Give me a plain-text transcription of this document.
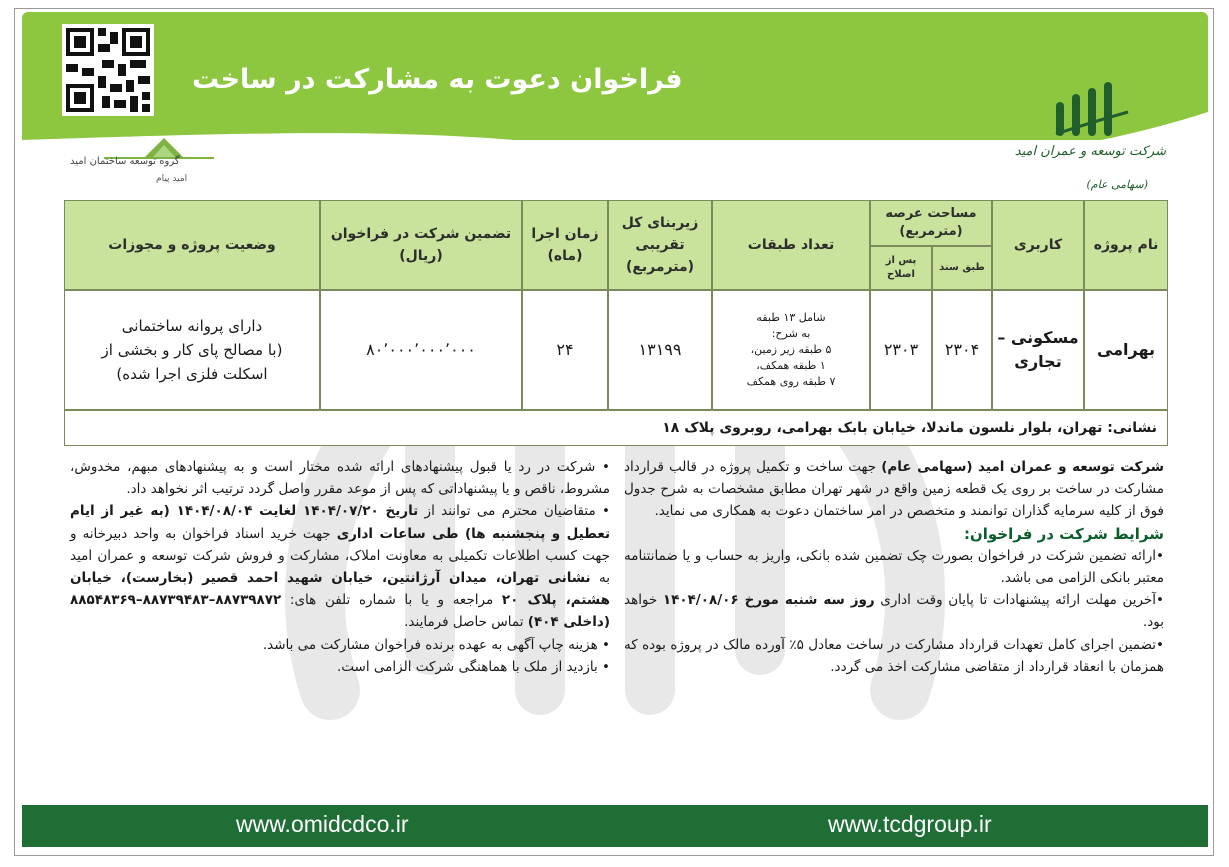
فراخوان دعوت به مشارکت در ساخت
گروه توسعه ساختمان امید
امید پیام
شرکت توسعه و عمران امید
(سهامی عام)
نام پروژه
کاربری
مساحت عرصه (مترمربع)
طبق سند
پس از اصلاح
تعداد طبقات
زیربنای کل تقریبی (مترمربع)
زمان اجرا (ماه)
تضمین شرکت در فراخوان (ریال)
وضعیت پروژه و مجوزات
بهرامی
مسکونی – تجاری
۲۳۰۴
۲۳۰۳
شامل ۱۳ طبقه
به شرح:
۵ طبقه زیر زمین،
۱ طبقه همکف،
۷ طبقه روی همکف
۱۳۱۹۹
۲۴
۸۰٬۰۰۰٬۰۰۰٬۰۰۰
دارای پروانه ساختمانی
(با مصالح پای کار و بخشی از
اسکلت فلزی اجرا شده)
نشانی: تهران، بلوار نلسون ماندلا، خیابان بابک بهرامی، روبروی پلاک ۱۸

شرکت توسعه و عمران امید (سهامی عام) جهت ساخت و تکمیل پروژه در قالب قرارداد مشارکت در ساخت بر روی یک قطعه زمین واقع در شهر تهران مطابق مشخصات به شرح جدول فوق از کلیه سرمایه گذاران توانمند و متخصص در امر ساختمان دعوت به همکاری می نماید.

شرایط شرکت در فراخوان:

•ارائه تضمین شرکت در فراخوان بصورت چک تضمین شده بانکی، واریز به حساب و یا ضمانتنامه معتبر بانکی الزامی می باشد.

•آخرین مهلت ارائه پیشنهادات تا پایان وقت اداری روز سه شنبه مورخ ۱۴۰۴/۰۸/۰۶ خواهد بود.

•تضمین اجرای کامل تعهدات قرارداد مشارکت در ساخت معادل ۵٪ آورده مالک در پروژه بوده که همزمان با انعقاد قرارداد از متقاضی مشارکت اخذ می گردد.

• شرکت در رد یا قبول پیشنهادهای ارائه شده مختار است و به پیشنهادهای مبهم، مخدوش، مشروط، ناقص و یا پیشنهاداتی که پس از موعد مقرر واصل گردد ترتیب اثر نخواهد داد.

• متقاضیان محترم می توانند از تاریخ ۱۴۰۴/۰۷/۲۰ لغایت ۱۴۰۴/۰۸/۰۴ (به غیر از ایام تعطیل و پنجشنبه ها) طی ساعات اداری جهت خرید اسناد فراخوان به واحد دبیرخانه و جهت کسب اطلاعات تکمیلی به معاونت املاک، مشارکت و فروش شرکت توسعه و عمران امید به نشانی تهران، میدان آرژانتین، خیابان شهید احمد قصیر (بخارست)، خیابان هشتم، پلاک ۲۰ مراجعه و یا با شماره تلفن های: ۸۸۷۳۹۸۷۲–۸۸۷۳۹۴۸۳–۸۸۵۴۸۳۶۹ (داخلی ۴۰۴) تماس حاصل فرمایند.

• هزینه چاپ آگهی به عهده برنده فراخوان مشارکت می باشد.

• بازدید از ملک با هماهنگی شرکت الزامی است.

www.omidcdco.ir	www.tcdgroup.ir
